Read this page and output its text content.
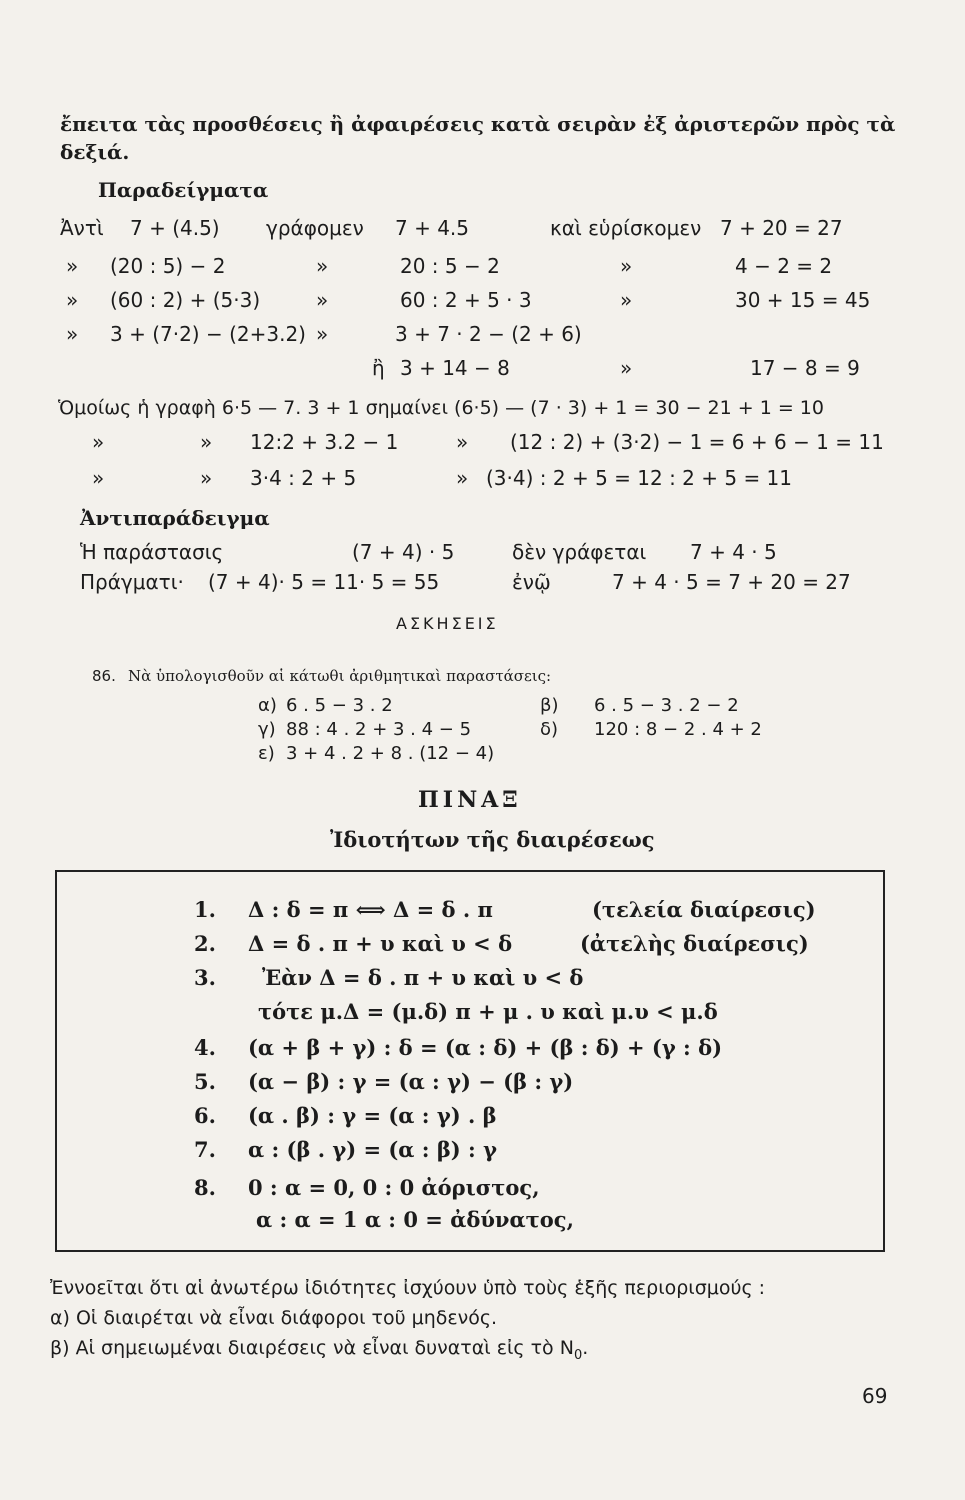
ἔπειτα τὰς προσθέσεις ἢ ἀφαιρέσεις κατὰ σειρὰν ἐξ ἀριστερῶν πρὸς τὰ
δεξιά.
Παραδείγματα
Ἀντὶ 7 + (4.5) γράφομεν 7 + 4.5	καὶ εὑρίσκομεν 7 + 20 = 27
» (20 : 5) − 2	»	20 : 5 − 2	»	4 − 2 = 2
» (60 : 2) + (5·3)	»	60 : 2 + 5 · 3	»	30 + 15 = 45
» 3 + (7·2) − (2+3.2) »	3 + 7 · 2 − (2 + 6)
ἢ 3 + 14 − 8	»	17 − 8 = 9
Ὁμοίως ἡ γραφὴ 6·5 — 7. 3 + 1 σημαίνει (6·5) — (7 · 3) + 1 = 30 − 21 + 1 = 10
»	» 12:2 + 3.2 − 1	» (12 : 2) + (3·2) − 1 = 6 + 6 − 1 = 11
»	» 3·4 : 2 + 5	» (3·4) : 2 + 5 = 12 : 2 + 5 = 11
Ἀντιπαράδειγμα
Ἡ παράστασις	(7 + 4) · 5	δὲν γράφεται 7 + 4 · 5
Πράγματι· (7 + 4)· 5 = 11· 5 = 55	ἐνῷ	7 + 4 · 5 = 7 + 20 = 27
ΑΣΚΗΣΕΙΣ
86. Νὰ ὑπολογισθοῦν αἱ κάτωθι ἀριθμητικαὶ παραστάσεις:
α) 6 . 5 − 3 . 2	β) 6 . 5 − 3 . 2 − 2
γ) 88 : 4 . 2 + 3 . 4 − 5	δ) 120 : 8 − 2 . 4 + 2
ε) 3 + 4 . 2 + 8 . (12 − 4)
ΠΙΝΑΞ
Ἰδιοτήτων τῆς διαιρέσεως
1. Δ : δ = π ⟺ Δ = δ . π	(τελεία διαίρεσις)
2. Δ = δ . π + υ καὶ υ < δ	(ἀτελὴς διαίρεσις)
3. Ἐὰν Δ = δ . π + υ καὶ υ < δ
τότε μ.Δ = (μ.δ) π + μ . υ καὶ μ.υ < μ.δ
4. (α + β + γ) : δ = (α : δ) + (β : δ) + (γ : δ)
5. (α − β) : γ = (α : γ) − (β : γ)
6. (α . β) : γ = (α : γ) . β
7. α : (β . γ) = (α : β) : γ
8. 0 : α = 0, 0 : 0 ἀόριστος,
α : α = 1 α : 0 = ἀδύνατος,
Ἐννοεῖται ὅτι αἱ ἀνωτέρω ἰδιότητες ἰσχύουν ὑπὸ τοὺς ἑξῆς περιορισμούς :
α) Οἱ διαιρέται νὰ εἶναι διάφοροι τοῦ μηδενός.
β) Αἱ σημειωμέναι διαιρέσεις νὰ εἶναι δυναταὶ εἰς τὸ $N_0$.
69
